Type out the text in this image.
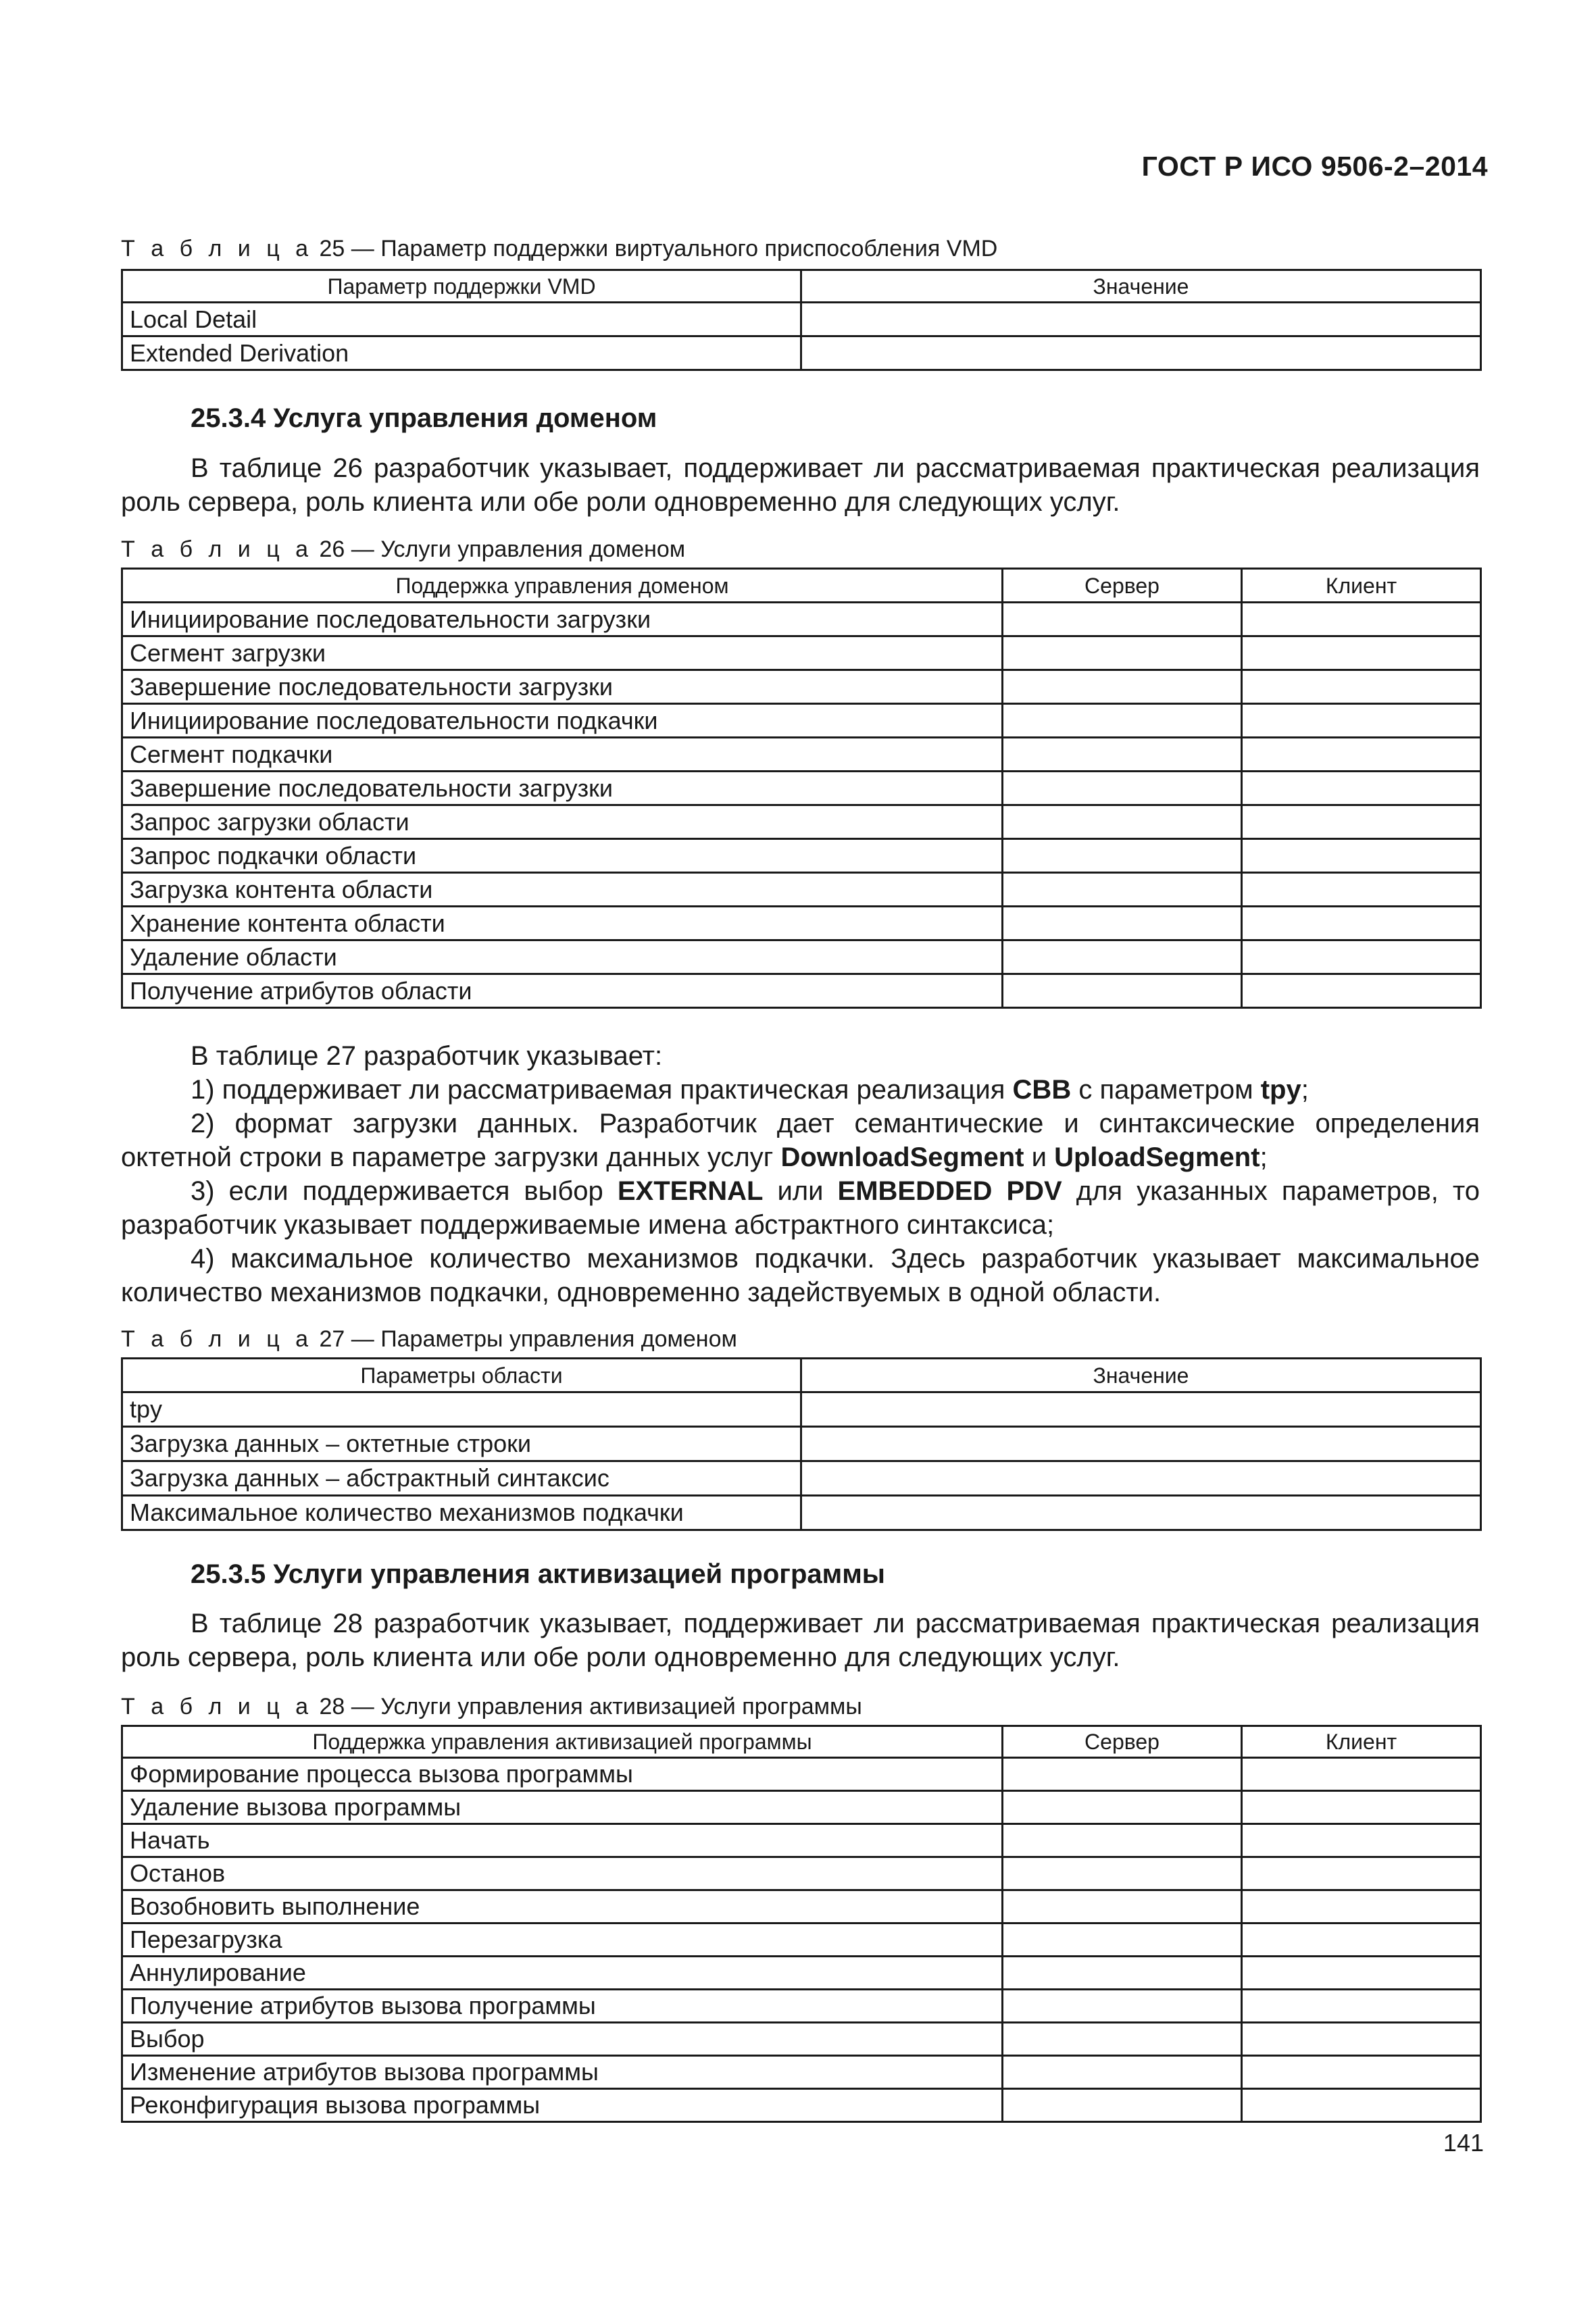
ГОСТ Р ИСО 9506-2–2014
Т а б л и ц а 25 — Параметр поддержки виртуального приспособления VMD
Параметр поддержки VMD	Значение
Local Detail	
Extended Derivation	
25.3.4 Услуга управления доменом
В таблице 26 разработчик указывает, поддерживает ли рассматриваемая практическая реализация роль сервера, роль клиента или обе роли одновременно для следующих услуг.
Т а б л и ц а 26 — Услуги управления доменом
Поддержка управления доменом	Сервер	Клиент
Инициирование последовательности загрузки		
Сегмент загрузки		
Завершение последовательности загрузки		
Инициирование последовательности подкачки		
Сегмент подкачки		
Завершение последовательности загрузки		
Запрос загрузки области		
Запрос подкачки области		
Загрузка контента области		
Хранение контента области		
Удаление области		
Получение атрибутов области		
В таблице 27 разработчик указывает:
1) поддерживает ли рассматриваемая практическая реализация CBB с параметром tpy;
2) формат загрузки данных. Разработчик дает семантические и синтаксические определения октетной строки в параметре загрузки данных услуг DownloadSegment и UploadSegment;
3) если поддерживается выбор EXTERNAL или EMBEDDED PDV для указанных параметров, то разработчик указывает поддерживаемые имена абстрактного синтаксиса;
4) максимальное количество механизмов подкачки. Здесь разработчик указывает максимальное количество механизмов подкачки, одновременно задействуемых в одной области.
Т а б л и ц а 27 — Параметры управления доменом
Параметры области	Значение
tpy	
Загрузка данных – октетные строки	
Загрузка данных – абстрактный синтаксис	
Максимальное количество механизмов подкачки	
25.3.5 Услуги управления активизацией программы
В таблице 28 разработчик указывает, поддерживает ли рассматриваемая практическая реализация роль сервера, роль клиента или обе роли одновременно для следующих услуг.
Т а б л и ц а 28 — Услуги управления активизацией программы
Поддержка управления активизацией программы	Сервер	Клиент
Формирование процесса вызова программы		
Удаление вызова программы		
Начать		
Останов		
Возобновить выполнение		
Перезагрузка		
Аннулирование		
Получение атрибутов вызова программы		
Выбор		
Изменение атрибутов вызова программы		
Реконфигурация вызова программы		
141
